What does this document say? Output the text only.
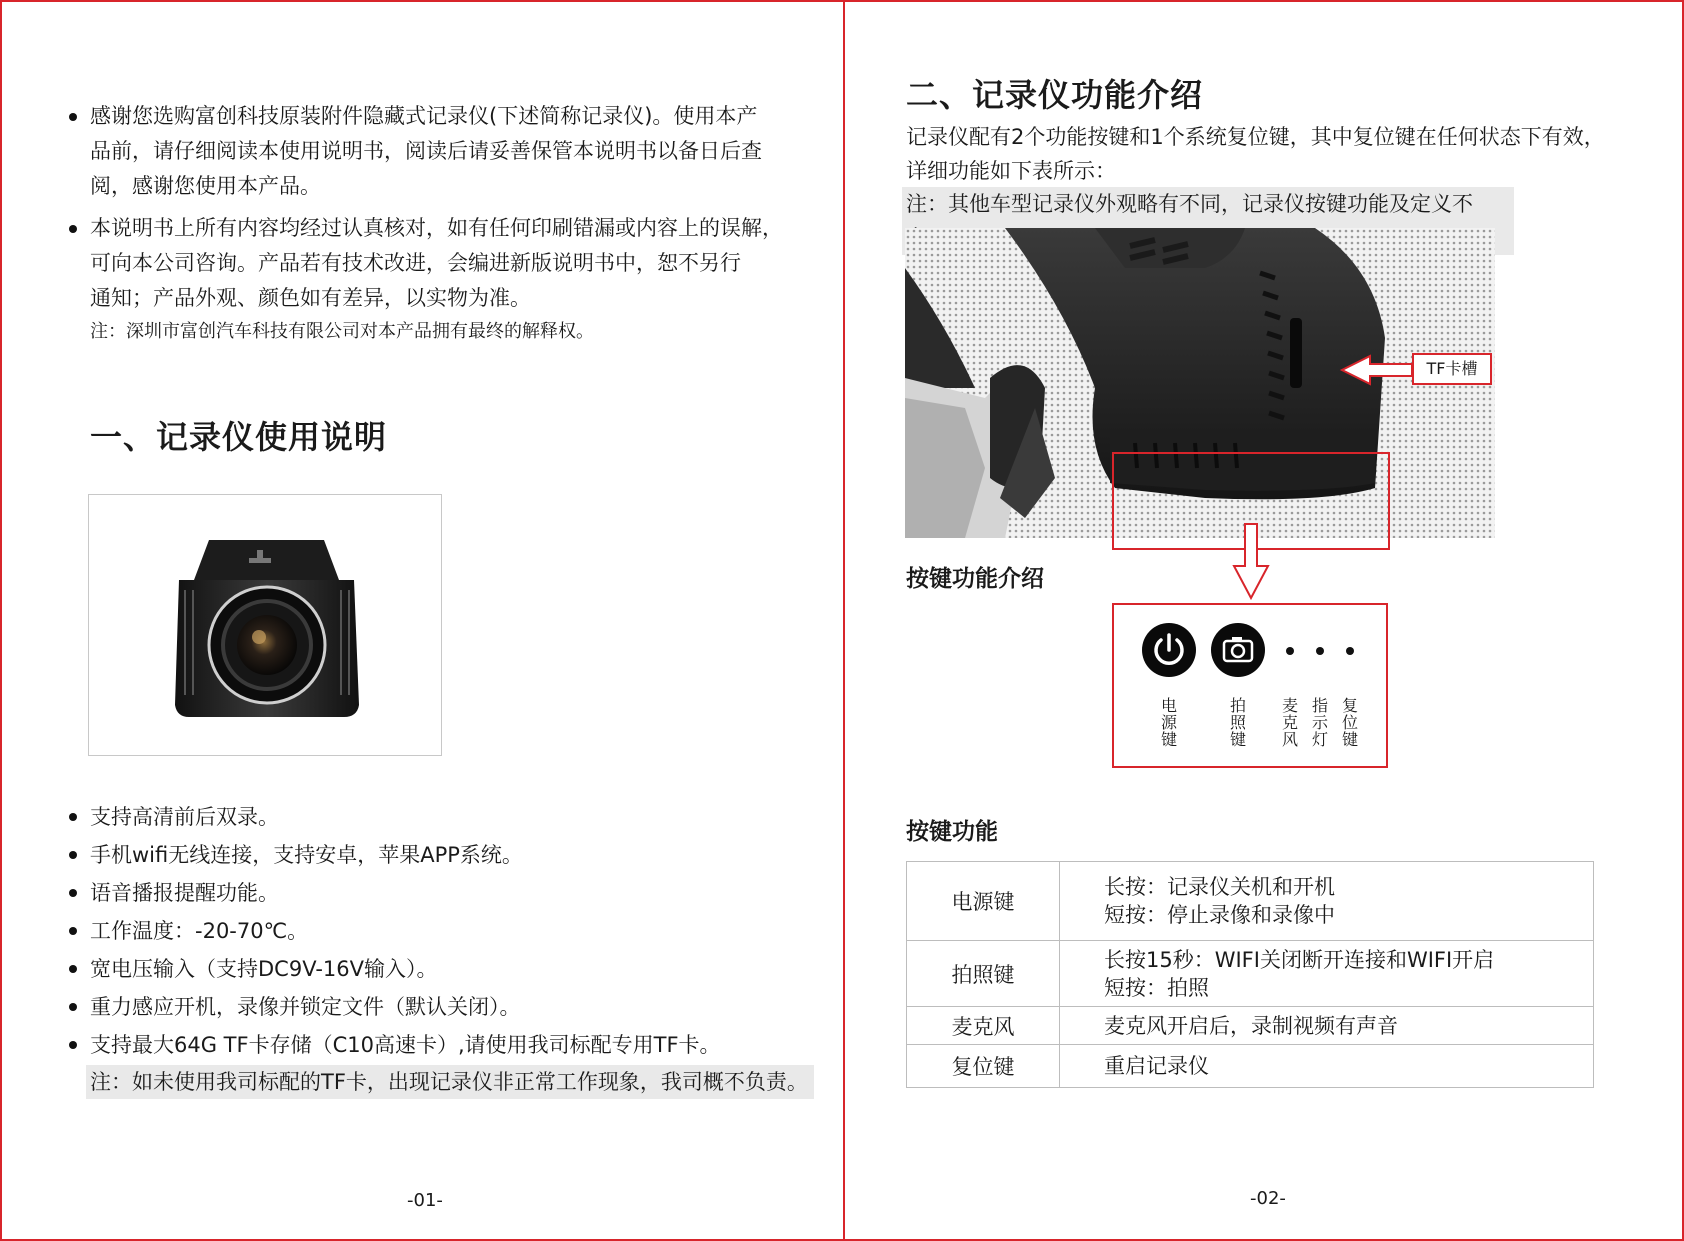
感谢您选购富创科技原装附件隐藏式记录仪(下述简称记录仪)。使用本产
品前，请仔细阅读本使用说明书，阅读后请妥善保管本说明书以备日后查
阅，感谢您使用本产品。
本说明书上所有内容均经过认真核对，如有任何印刷错漏或内容上的误解，
可向本公司咨询。产品若有技术改进，会编进新版说明书中，恕不另行
通知；产品外观、颜色如有差异，以实物为准。
注：深圳市富创汽车科技有限公司对本产品拥有最终的解释权。
一、记录仪使用说明
支持高清前后双录。
手机wifi无线连接，支持安卓，苹果APP系统。
语音播报提醒功能。
工作温度：-20-70℃。
宽电压输入（支持DC9V-16V输入）。
重力感应开机，录像并锁定文件（默认关闭）。
支持最大64G TF卡存储（C10高速卡）,请使用我司标配专用TF卡。
注：如未使用我司标配的TF卡，出现记录仪非正常工作现象，我司概不负责。
-01-
二、记录仪功能介绍
记录仪配有2个功能按键和1个系统复位键，其中复位键在任何状态下有效，
详细功能如下表所示：
注：其他车型记录仪外观略有不同，记录仪按键功能及定义不
TF卡槽
按键功能介绍
电源键
拍照键
麦克风
指示灯
复位键
按键功能
电源键	长按：记录仪关机和开机
短按：停止录像和录像中

拍照键	长按15秒：WIFI关闭断开连接和WIFI开启
短按：拍照

麦克风	麦克风开启后，录制视频有声音

复位键	重启记录仪
-02-
